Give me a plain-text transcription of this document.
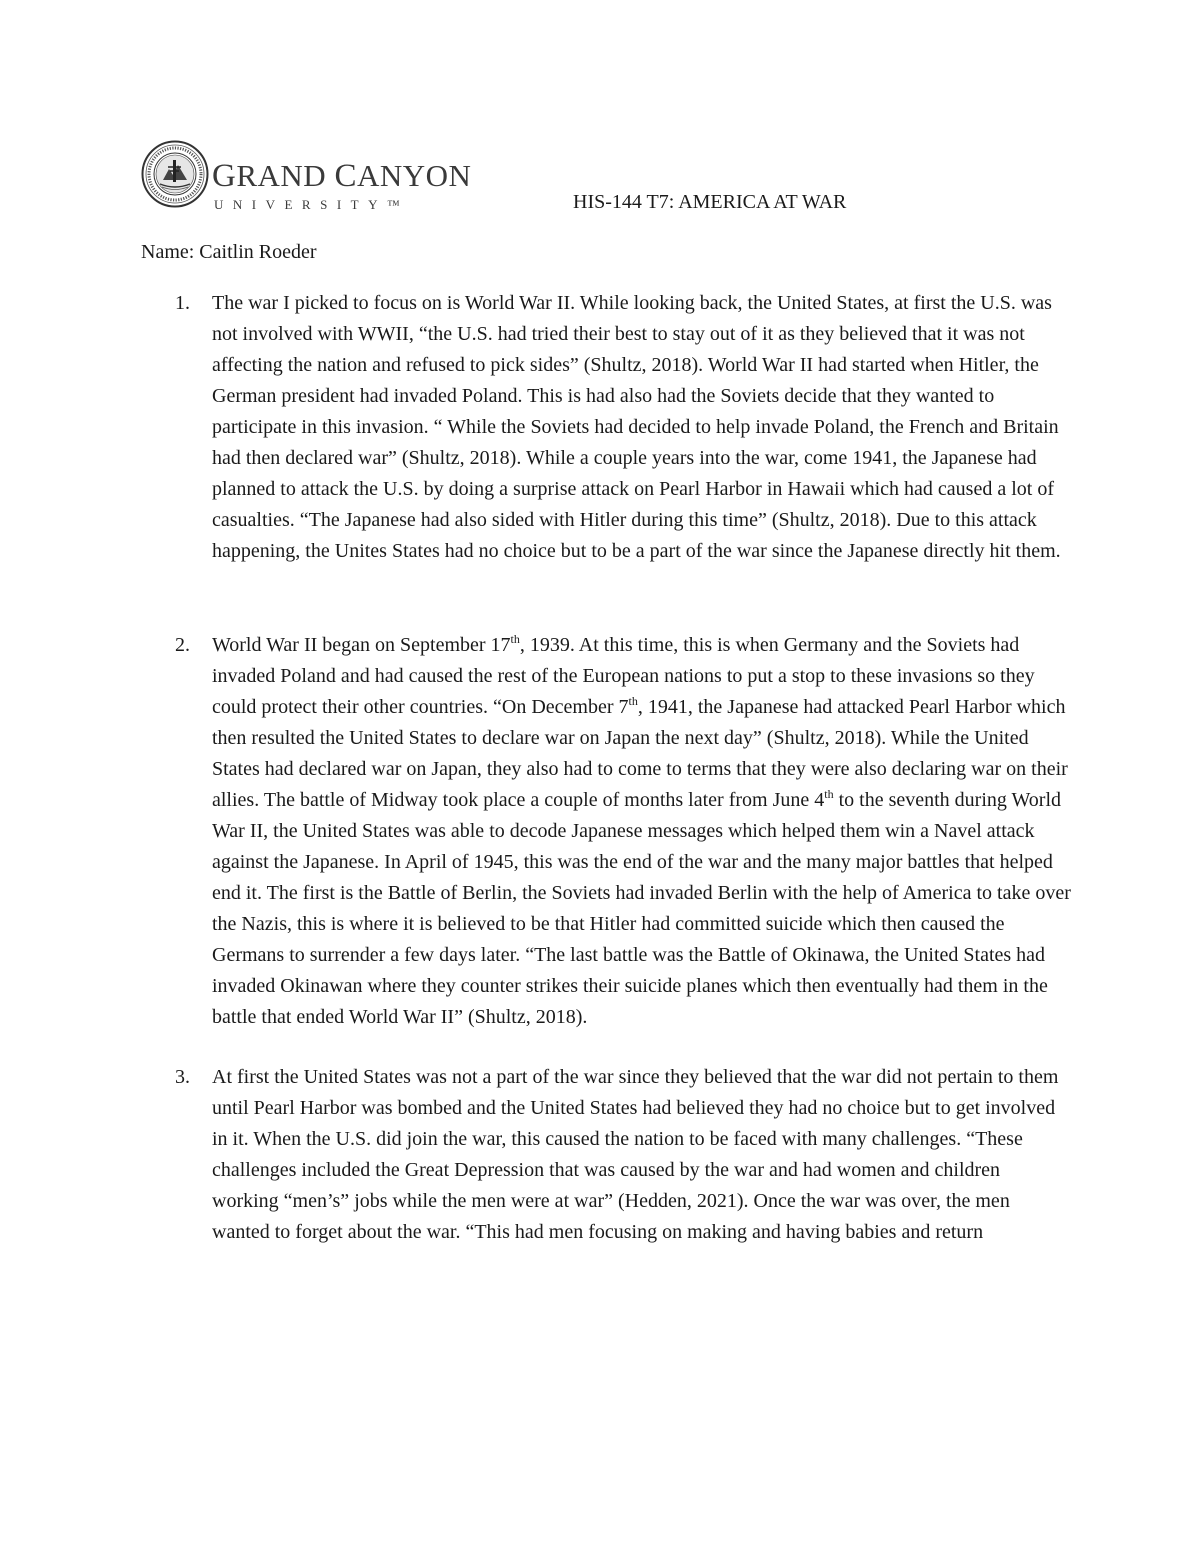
GRAND CANYON
UNIVERSITY™	HIS-144 T7: AMERICA AT WAR
Name: Caitlin Roeder
1. The war I picked to focus on is World War II. While looking back, the United States, at first the U.S. was not involved with WWII, “the U.S. had tried their best to stay out of it as they believed that it was not affecting the nation and refused to pick sides” (Shultz, 2018). World War II had started when Hitler, the German president had invaded Poland. This is had also had the Soviets decide that they wanted to participate in this invasion. “ While the Soviets had decided to help invade Poland, the French and Britain had then declared war” (Shultz, 2018). While a couple years into the war, come 1941, the Japanese had planned to attack the U.S. by doing a surprise attack on Pearl Harbor in Hawaii which had caused a lot of casualties. “The Japanese had also sided with Hitler during this time” (Shultz, 2018). Due to this attack happening, the Unites States had no choice but to be a part of the war since the Japanese directly hit them.

2. World War II began on September 17th, 1939. At this time, this is when Germany and the Soviets had invaded Poland and had caused the rest of the European nations to put a stop to these invasions so they could protect their other countries. “On December 7th, 1941, the Japanese had attacked Pearl Harbor which then resulted the United States to declare war on Japan the next day” (Shultz, 2018). While the United States had declared war on Japan, they also had to come to terms that they were also declaring war on their allies. The battle of Midway took place a couple of months later from June 4th to the seventh during World War II, the United States was able to decode Japanese messages which helped them win a Navel attack against the Japanese. In April of 1945, this was the end of the war and the many major battles that helped end it. The first is the Battle of Berlin, the Soviets had invaded Berlin with the help of America to take over the Nazis, this is where it is believed to be that Hitler had committed suicide which then caused the Germans to surrender a few days later. “The last battle was the Battle of Okinawa, the United States had invaded Okinawan where they counter strikes their suicide planes which then eventually had them in the battle that ended World War II” (Shultz, 2018).

3. At first the United States was not a part of the war since they believed that the war did not pertain to them until Pearl Harbor was bombed and the United States had believed they had no choice but to get involved in it. When the U.S. did join the war, this caused the nation to be faced with many challenges. “These challenges included the Great Depression that was caused by the war and had women and children working “men’s” jobs while the men were at war” (Hedden, 2021). Once the war was over, the men wanted to forget about the war. “This had men focusing on making and having babies and return
